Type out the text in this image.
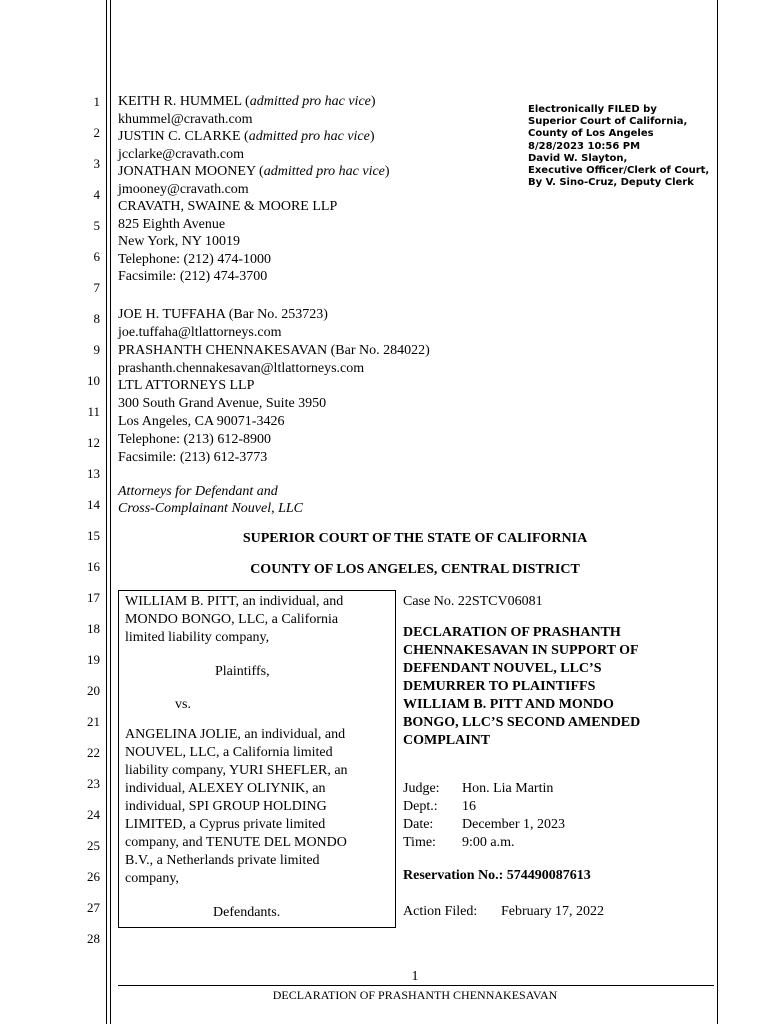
1
2
3
4
5
6
7
8
9
10
11
12
13
14
15
16
17
18
19
20
21
22
23
24
25
26
27
28
KEITH R. HUMMEL (admitted pro hac vice)
khummel@cravath.com
JUSTIN C. CLARKE (admitted pro hac vice)
jcclarke@cravath.com
JONATHAN MOONEY (admitted pro hac vice)
jmooney@cravath.com
CRAVATH, SWAINE & MOORE LLP
825 Eighth Avenue
New York, NY 10019
Telephone: (212) 474-1000
Facsimile: (212) 474-3700
Electronically FILED by
Superior Court of California,
County of Los Angeles
8/28/2023 10:56 PM
David W. Slayton,
Executive Officer/Clerk of Court,
By V. Sino-Cruz, Deputy Clerk
JOE H. TUFFAHA (Bar No. 253723)
joe.tuffaha@ltlattorneys.com
PRASHANTH CHENNAKESAVAN (Bar No. 284022)
prashanth.chennakesavan@ltlattorneys.com
LTL ATTORNEYS LLP
300 South Grand Avenue, Suite 3950
Los Angeles, CA 90071-3426
Telephone: (213) 612-8900
Facsimile: (213) 612-3773
Attorneys for Defendant and
Cross-Complainant Nouvel, LLC
SUPERIOR COURT OF THE STATE OF CALIFORNIA
COUNTY OF LOS ANGELES, CENTRAL DISTRICT
WILLIAM B. PITT, an individual, and
MONDO BONGO, LLC, a California
limited liability company,
Plaintiffs,
vs.
ANGELINA JOLIE, an individual, and
NOUVEL, LLC, a California limited
liability company, YURI SHEFLER, an
individual, ALEXEY OLIYNIK, an
individual, SPI GROUP HOLDING
LIMITED, a Cyprus private limited
company, and TENUTE DEL MONDO
B.V., a Netherlands private limited
company,
Defendants.
Case No. 22STCV06081
DECLARATION OF PRASHANTH
CHENNAKESAVAN IN SUPPORT OF
DEFENDANT NOUVEL, LLC’S
DEMURRER TO PLAINTIFFS
WILLIAM B. PITT AND MONDO
BONGO, LLC’S SECOND AMENDED
COMPLAINT
Judge: Hon. Lia Martin
Dept.: 16
Date: December 1, 2023
Time: 9:00 a.m.
Reservation No.: 574490087613
Action Filed: February 17, 2022
1
DECLARATION OF PRASHANTH CHENNAKESAVAN
